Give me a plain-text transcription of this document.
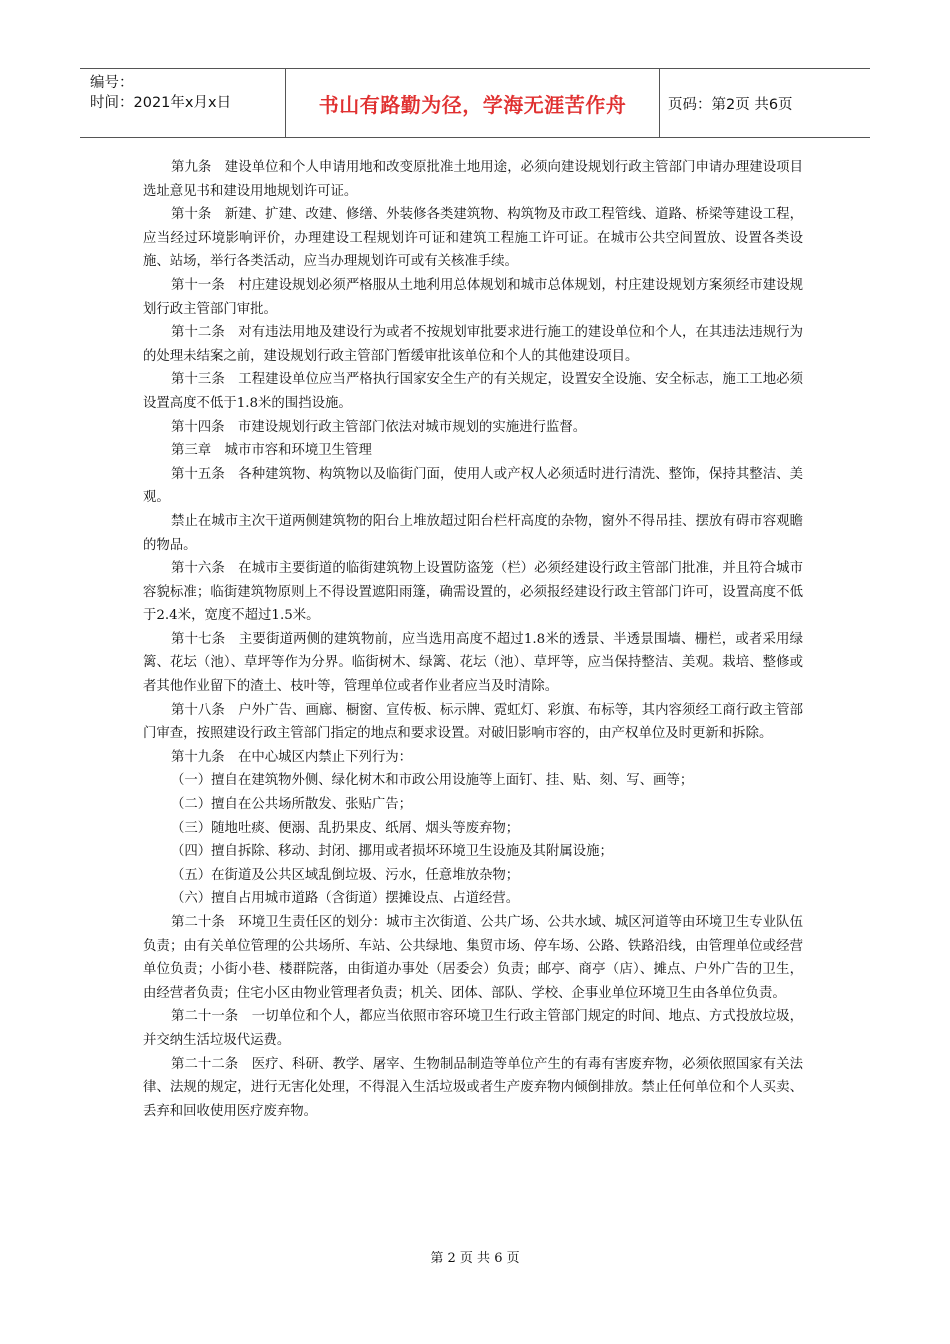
编号：
时间：2021年x月x日	书山有路勤为径，学海无涯苦作舟	页码：第2页 共6页

第九条　建设单位和个人申请用地和改变原批准土地用途，必须向建设规划行政主管部门申请办理建设项目选址意见书和建设用地规划许可证。

第十条　新建、扩建、改建、修缮、外装修各类建筑物、构筑物及市政工程管线、道路、桥梁等建设工程，应当经过环境影响评价，办理建设工程规划许可证和建筑工程施工许可证。在城市公共空间置放、设置各类设施、站场，举行各类活动，应当办理规划许可或有关核准手续。

第十一条　村庄建设规划必须严格服从土地利用总体规划和城市总体规划，村庄建设规划方案须经市建设规划行政主管部门审批。

第十二条　对有违法用地及建设行为或者不按规划审批要求进行施工的建设单位和个人，在其违法违规行为的处理未结案之前，建设规划行政主管部门暂缓审批该单位和个人的其他建设项目。

第十三条　工程建设单位应当严格执行国家安全生产的有关规定，设置安全设施、安全标志，施工工地必须设置高度不低于1.8米的围挡设施。

第十四条　市建设规划行政主管部门依法对城市规划的实施进行监督。

第三章　城市市容和环境卫生管理

第十五条　各种建筑物、构筑物以及临街门面，使用人或产权人必须适时进行清洗、整饰，保持其整洁、美观。

禁止在城市主次干道两侧建筑物的阳台上堆放超过阳台栏杆高度的杂物，窗外不得吊挂、摆放有碍市容观瞻的物品。

第十六条　在城市主要街道的临街建筑物上设置防盗笼（栏）必须经建设行政主管部门批准，并且符合城市容貌标准；临街建筑物原则上不得设置遮阳雨篷，确需设置的，必须报经建设行政主管部门许可，设置高度不低于2.4米，宽度不超过1.5米。

第十七条　主要街道两侧的建筑物前，应当选用高度不超过1.8米的透景、半透景围墙、栅栏，或者采用绿篱、花坛（池）、草坪等作为分界。临街树木、绿篱、花坛（池）、草坪等，应当保持整洁、美观。栽培、整修或者其他作业留下的渣土、枝叶等，管理单位或者作业者应当及时清除。

第十八条　户外广告、画廊、橱窗、宣传板、标示牌、霓虹灯、彩旗、布标等，其内容须经工商行政主管部门审查，按照建设行政主管部门指定的地点和要求设置。对破旧影响市容的，由产权单位及时更新和拆除。

第十九条　在中心城区内禁止下列行为：

（一）擅自在建筑物外侧、绿化树木和市政公用设施等上面钉、挂、贴、刻、写、画等；

（二）擅自在公共场所散发、张贴广告；

（三）随地吐痰、便溺、乱扔果皮、纸屑、烟头等废弃物；

（四）擅自拆除、移动、封闭、挪用或者损坏环境卫生设施及其附属设施；

（五）在街道及公共区域乱倒垃圾、污水，任意堆放杂物；

（六）擅自占用城市道路（含街道）摆摊设点、占道经营。

第二十条　环境卫生责任区的划分：城市主次街道、公共广场、公共水域、城区河道等由环境卫生专业队伍负责；由有关单位管理的公共场所、车站、公共绿地、集贸市场、停车场、公路、铁路沿线，由管理单位或经营单位负责；小街小巷、楼群院落，由街道办事处（居委会）负责；邮亭、商亭（店）、摊点、户外广告的卫生，由经营者负责；住宅小区由物业管理者负责；机关、团体、部队、学校、企事业单位环境卫生由各单位负责。

第二十一条　一切单位和个人，都应当依照市容环境卫生行政主管部门规定的时间、地点、方式投放垃圾，并交纳生活垃圾代运费。

第二十二条　医疗、科研、教学、屠宰、生物制品制造等单位产生的有毒有害废弃物，必须依照国家有关法律、法规的规定，进行无害化处理，不得混入生活垃圾或者生产废弃物内倾倒排放。禁止任何单位和个人买卖、丢弃和回收使用医疗废弃物。

第 2 页 共 6 页
